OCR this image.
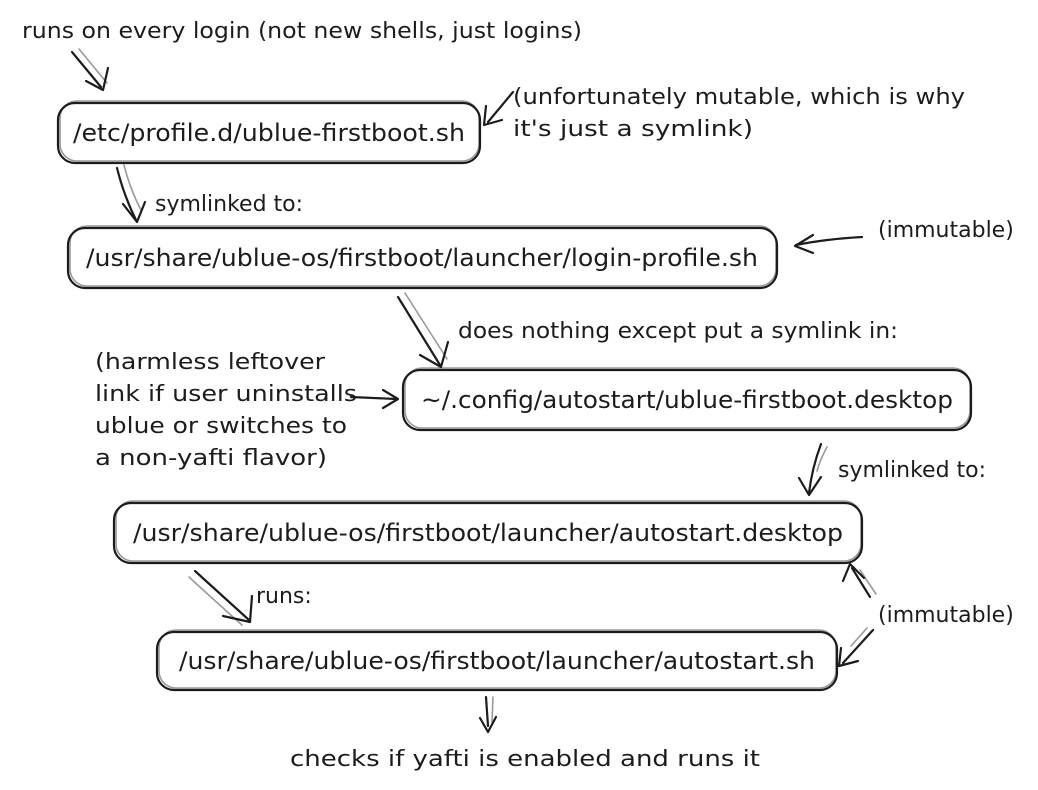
runs on every login (not new shells, just logins)
/etc/profile.d/ublue-firstboot.sh
(unfortunately mutable, which is why
it's just a symlink)
symlinked to:
/usr/share/ublue-os/firstboot/launcher/login-profile.sh
(immutable)
does nothing except put a symlink in:
(harmless leftover
link if user uninstalls
ublue or switches to
a non-yafti flavor)
~/.config/autostart/ublue-firstboot.desktop
symlinked to:
/usr/share/ublue-os/firstboot/launcher/autostart.desktop
runs:
/usr/share/ublue-os/firstboot/launcher/autostart.sh
(immutable)
checks if yafti is enabled and runs it
